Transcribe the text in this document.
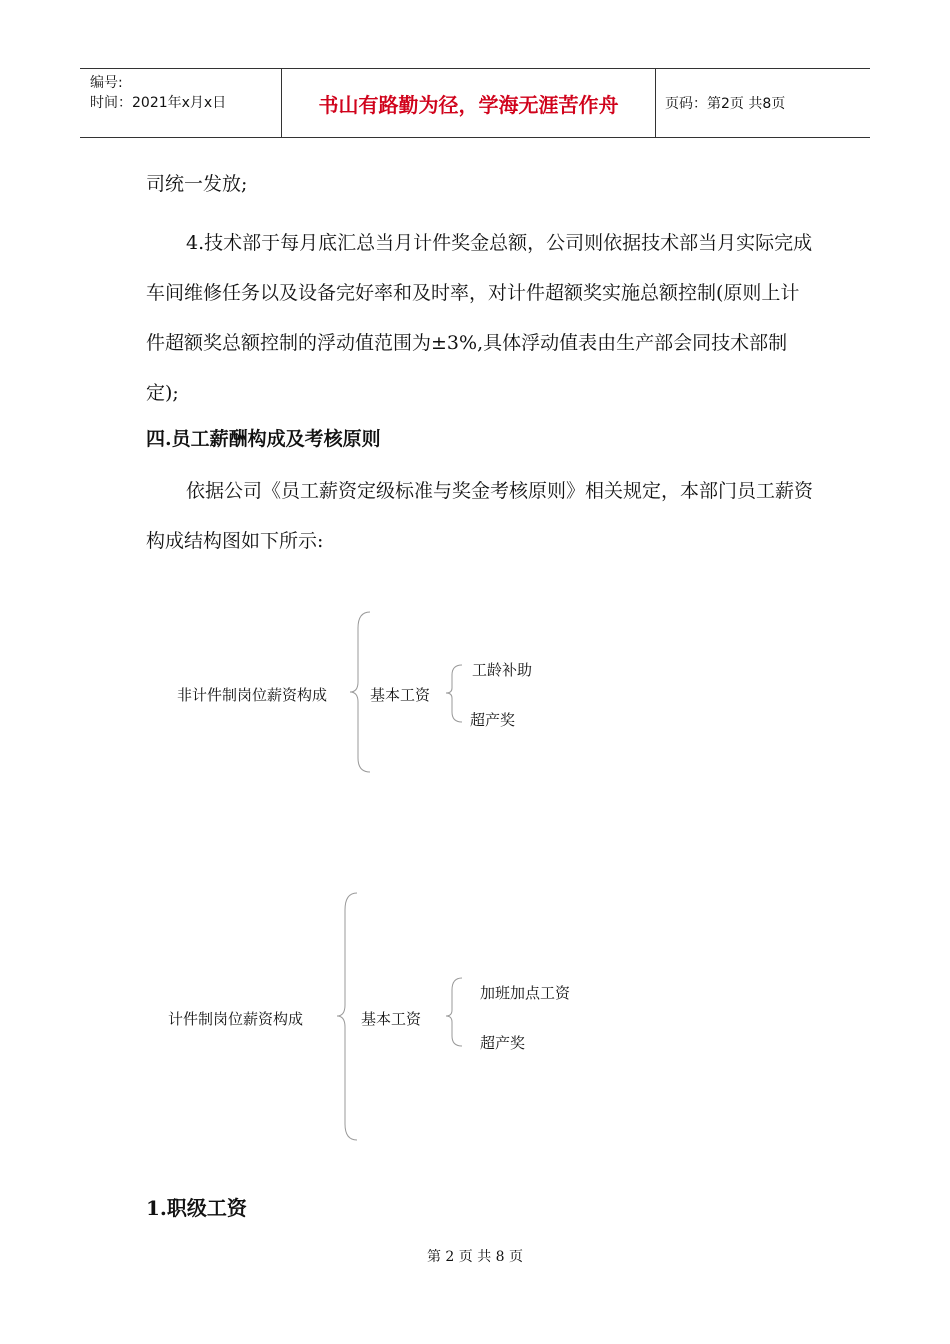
编号:
时间：2021年x月x日	书山有路勤为径，学海无涯苦作舟	页码：第2页 共8页

司统一发放;

4.技术部于每月底汇总当月计件奖金总额，公司则依据技术部当月实际完成车间维修任务以及设备完好率和及时率，对计件超额奖实施总额控制(原则上计件超额奖总额控制的浮动值范围为±3%,具体浮动值表由生产部会同技术部制定);

四.员工薪酬构成及考核原则

依据公司《员工薪资定级标准与奖金考核原则》相关规定，本部门员工薪资构成结构图如下所示:

非计件制岗位薪资构成	基本工资
工龄补助
超产奖
计件制岗位薪资构成	基本工资
加班加点工资
超产奖

1.职级工资

第 2 页 共 8 页
